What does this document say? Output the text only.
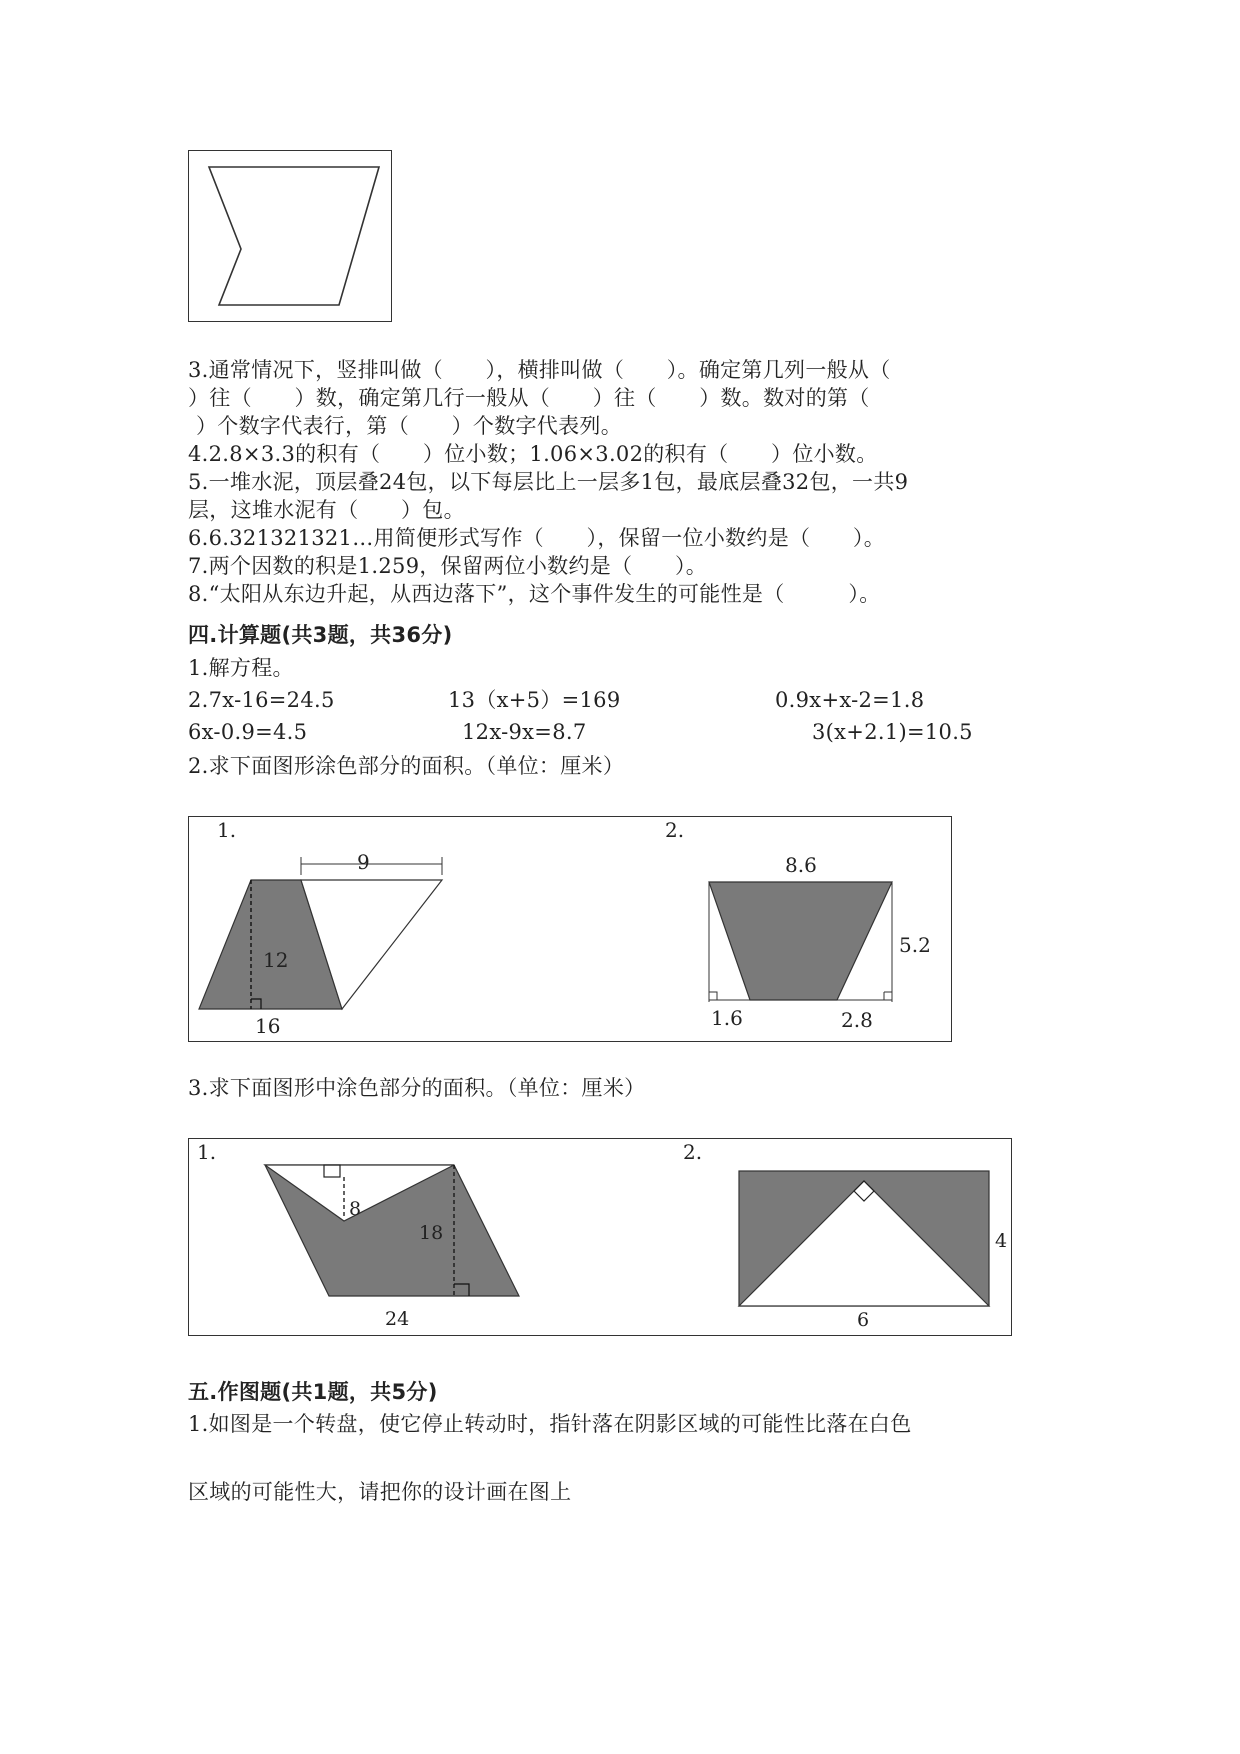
3.通常情况下，竖排叫做（　　），横排叫做（　　）。确定第几列一般从（
）往（　　）数，确定第几行一般从（　　）往（　　）数。数对的第（
）个数字代表行，第（　　）个数字代表列。
4.2.8×3.3的积有（　　）位小数；1.06×3.02的积有（　　）位小数。
5.一堆水泥，顶层叠24包，以下每层比上一层多1包，最底层叠32包，一共9
层，这堆水泥有（　　）包。
6.6.321321321…用简便形式写作（　　），保留一位小数约是（　　）。
7.两个因数的积是1.259，保留两位小数约是（　　）。
8.“太阳从东边升起，从西边落下”，这个事件发生的可能性是（　　　）。
四.计算题(共3题，共36分)
1.解方程。
2.7x-16=24.5	13（x+5）=169	0.9x+x-2=1.8
6x-0.9=4.5	12x-9x=8.7	3(x+2.1)=10.5
2.求下面图形涂色部分的面积。（单位：厘米）
1.
9
12
16
2.
8.6
5.2
1.6	2.8
3.求下面图形中涂色部分的面积。（单位：厘米）
1.
8
18
24
2.
4
6
五.作图题(共1题，共5分)
1.如图是一个转盘，使它停止转动时，指针落在阴影区域的可能性比落在白色
区域的可能性大，请把你的设计画在图上
